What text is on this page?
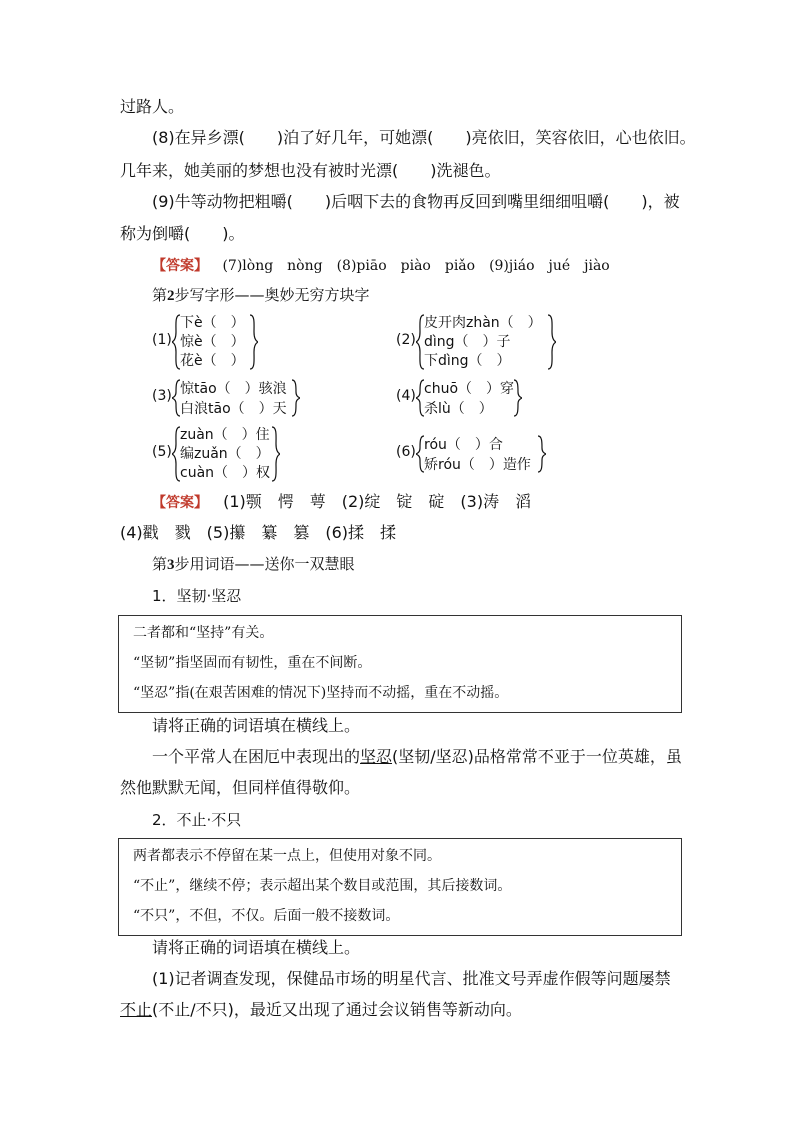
过路人。
(8)在异乡漂(　　)泊了好几年，可她漂(　　)亮依旧，笑容依旧，心也依旧。
几年来，她美丽的梦想也没有被时光漂(　　)洗褪色。
(9)牛等动物把粗嚼(　　)后咽下去的食物再反回到嘴里细细咀嚼(　　)，被
称为倒嚼(　　)。
【答案】 (7)lòng　nòng　(8)piāo　piào　piǎo　(9)jiáo　jué　jiào
第2步写字形——奥妙无穷方块字
(1)
下è（　）
惊è（　）
花è（　）
(2)
皮开肉zhàn（　）
dìng（　）子
下dìng（　）
(3) 惊tāo（　）骇浪
白浪tāo（　）天
(4) chuō（　）穿
杀lù（　）
(5)
zuàn（　）住
编zuǎn（　）
cuàn（　）权
(6) róu（　）合
矫róu（　）造作
【答案】 (1)颚　愕　萼　(2)绽　锭　碇　(3)涛　滔
(4)戳　戮　(5)攥　纂　篡　(6)揉　揉
第3步用词语——送你一双慧眼
1．坚韧·坚忍
二者都和“坚持”有关。
“坚韧”指坚固而有韧性，重在不间断。
“坚忍”指(在艰苦困难的情况下)坚持而不动摇，重在不动摇。
请将正确的词语填在横线上。
一个平常人在困厄中表现出的坚忍(坚韧/坚忍)品格常常不亚于一位英雄，虽
然他默默无闻，但同样值得敬仰。
2．不止·不只
两者都表示不停留在某一点上，但使用对象不同。
“不止”，继续不停；表示超出某个数目或范围，其后接数词。
“不只”，不但，不仅。后面一般不接数词。
请将正确的词语填在横线上。
(1)记者调查发现，保健品市场的明星代言、批准文号弄虚作假等问题屡禁
不止(不止/不只)，最近又出现了通过会议销售等新动向。
